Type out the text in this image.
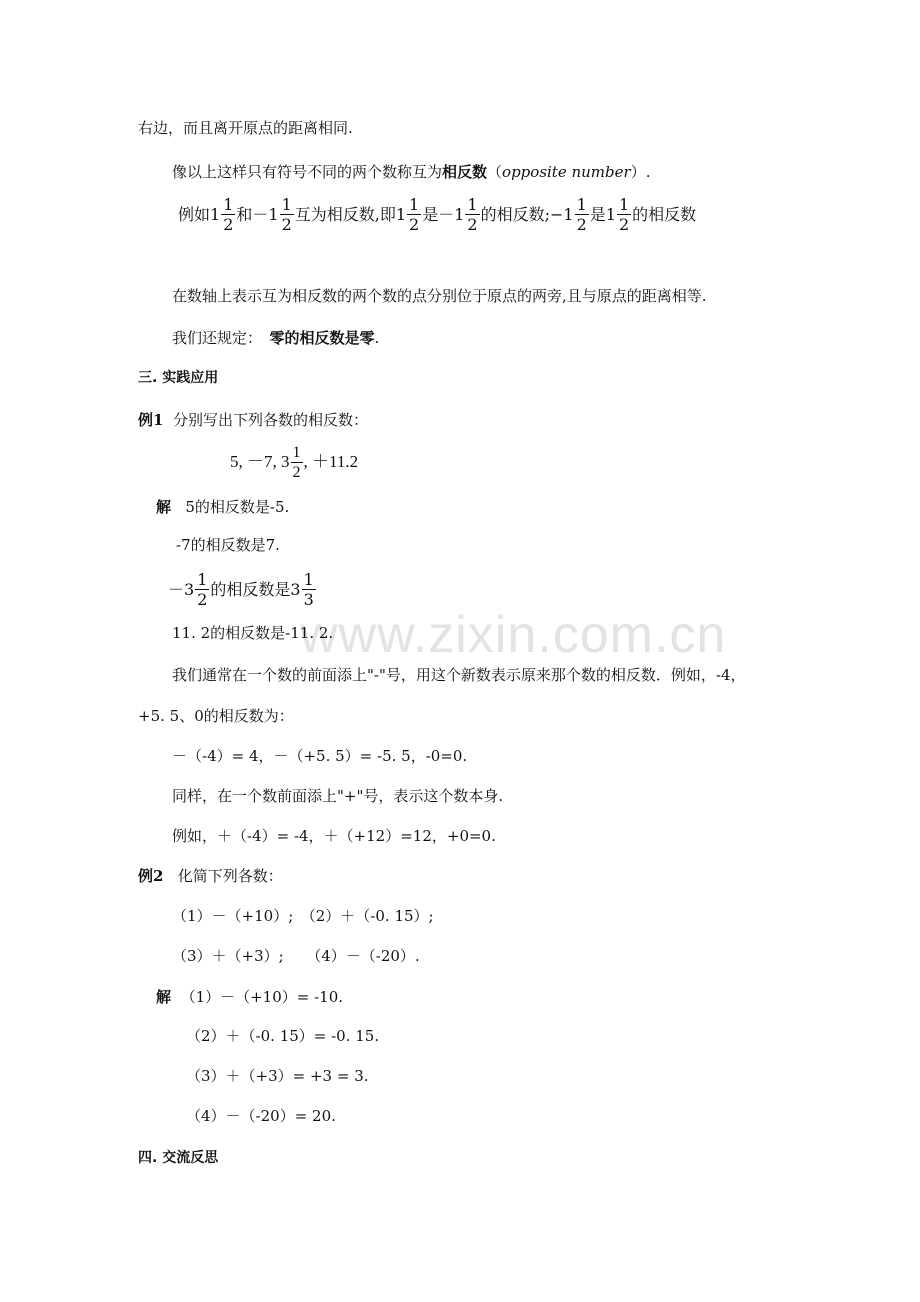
www.zixin.com.cn
右边，而且离开原点的距离相同.
像以上这样只有符号不同的两个数称互为相反数（opposite number）.
例如$1 \frac{1}{2}$ 和$-1 \frac{1}{2}$ 互为相反数,即$1 \frac{1}{2}$ 是$-1 \frac{1}{2}$ 的相反数;−1 $\frac{1}{2}$ 是$1 \frac{1}{2}$ 的相反数
在数轴上表示互为相反数的两个数的点分别位于原点的两旁,且与原点的距离相等.
我们还规定：　 零的相反数是零.
三. 实践应用
例1 分别写出下列各数的相反数：
5, －7, $3 \frac{1}{2}$ , ＋11.2
解 5的相反数是-5.
-7的相反数是7.
$-3 \frac{1}{2}$ 的相反数是$3 \frac{1}{3}$
11. 2的相反数是-11. 2.
我们通常在一个数的前面添上"-"号，用这个新数表示原来那个数的相反数．例如，-4，
+5. 5、0的相反数为：
－（-4）= 4，－（+5. 5）= -5. 5，-0=0.
同样，在一个数前面添上"+"号，表示这个数本身.
例如，＋（-4）= -4，＋（+12）=12，+0=0.
例2 化简下列各数：
（1）－（+10）;　（2）＋（-0. 15）;
（3）＋（+3）;　　（4）－（-20）.
解 （1）－（+10）= -10.
（2）＋（-0. 15）= -0. 15.
（3）＋（+3）= +3 = 3.
（4）－（-20）= 20.
四. 交流反思
